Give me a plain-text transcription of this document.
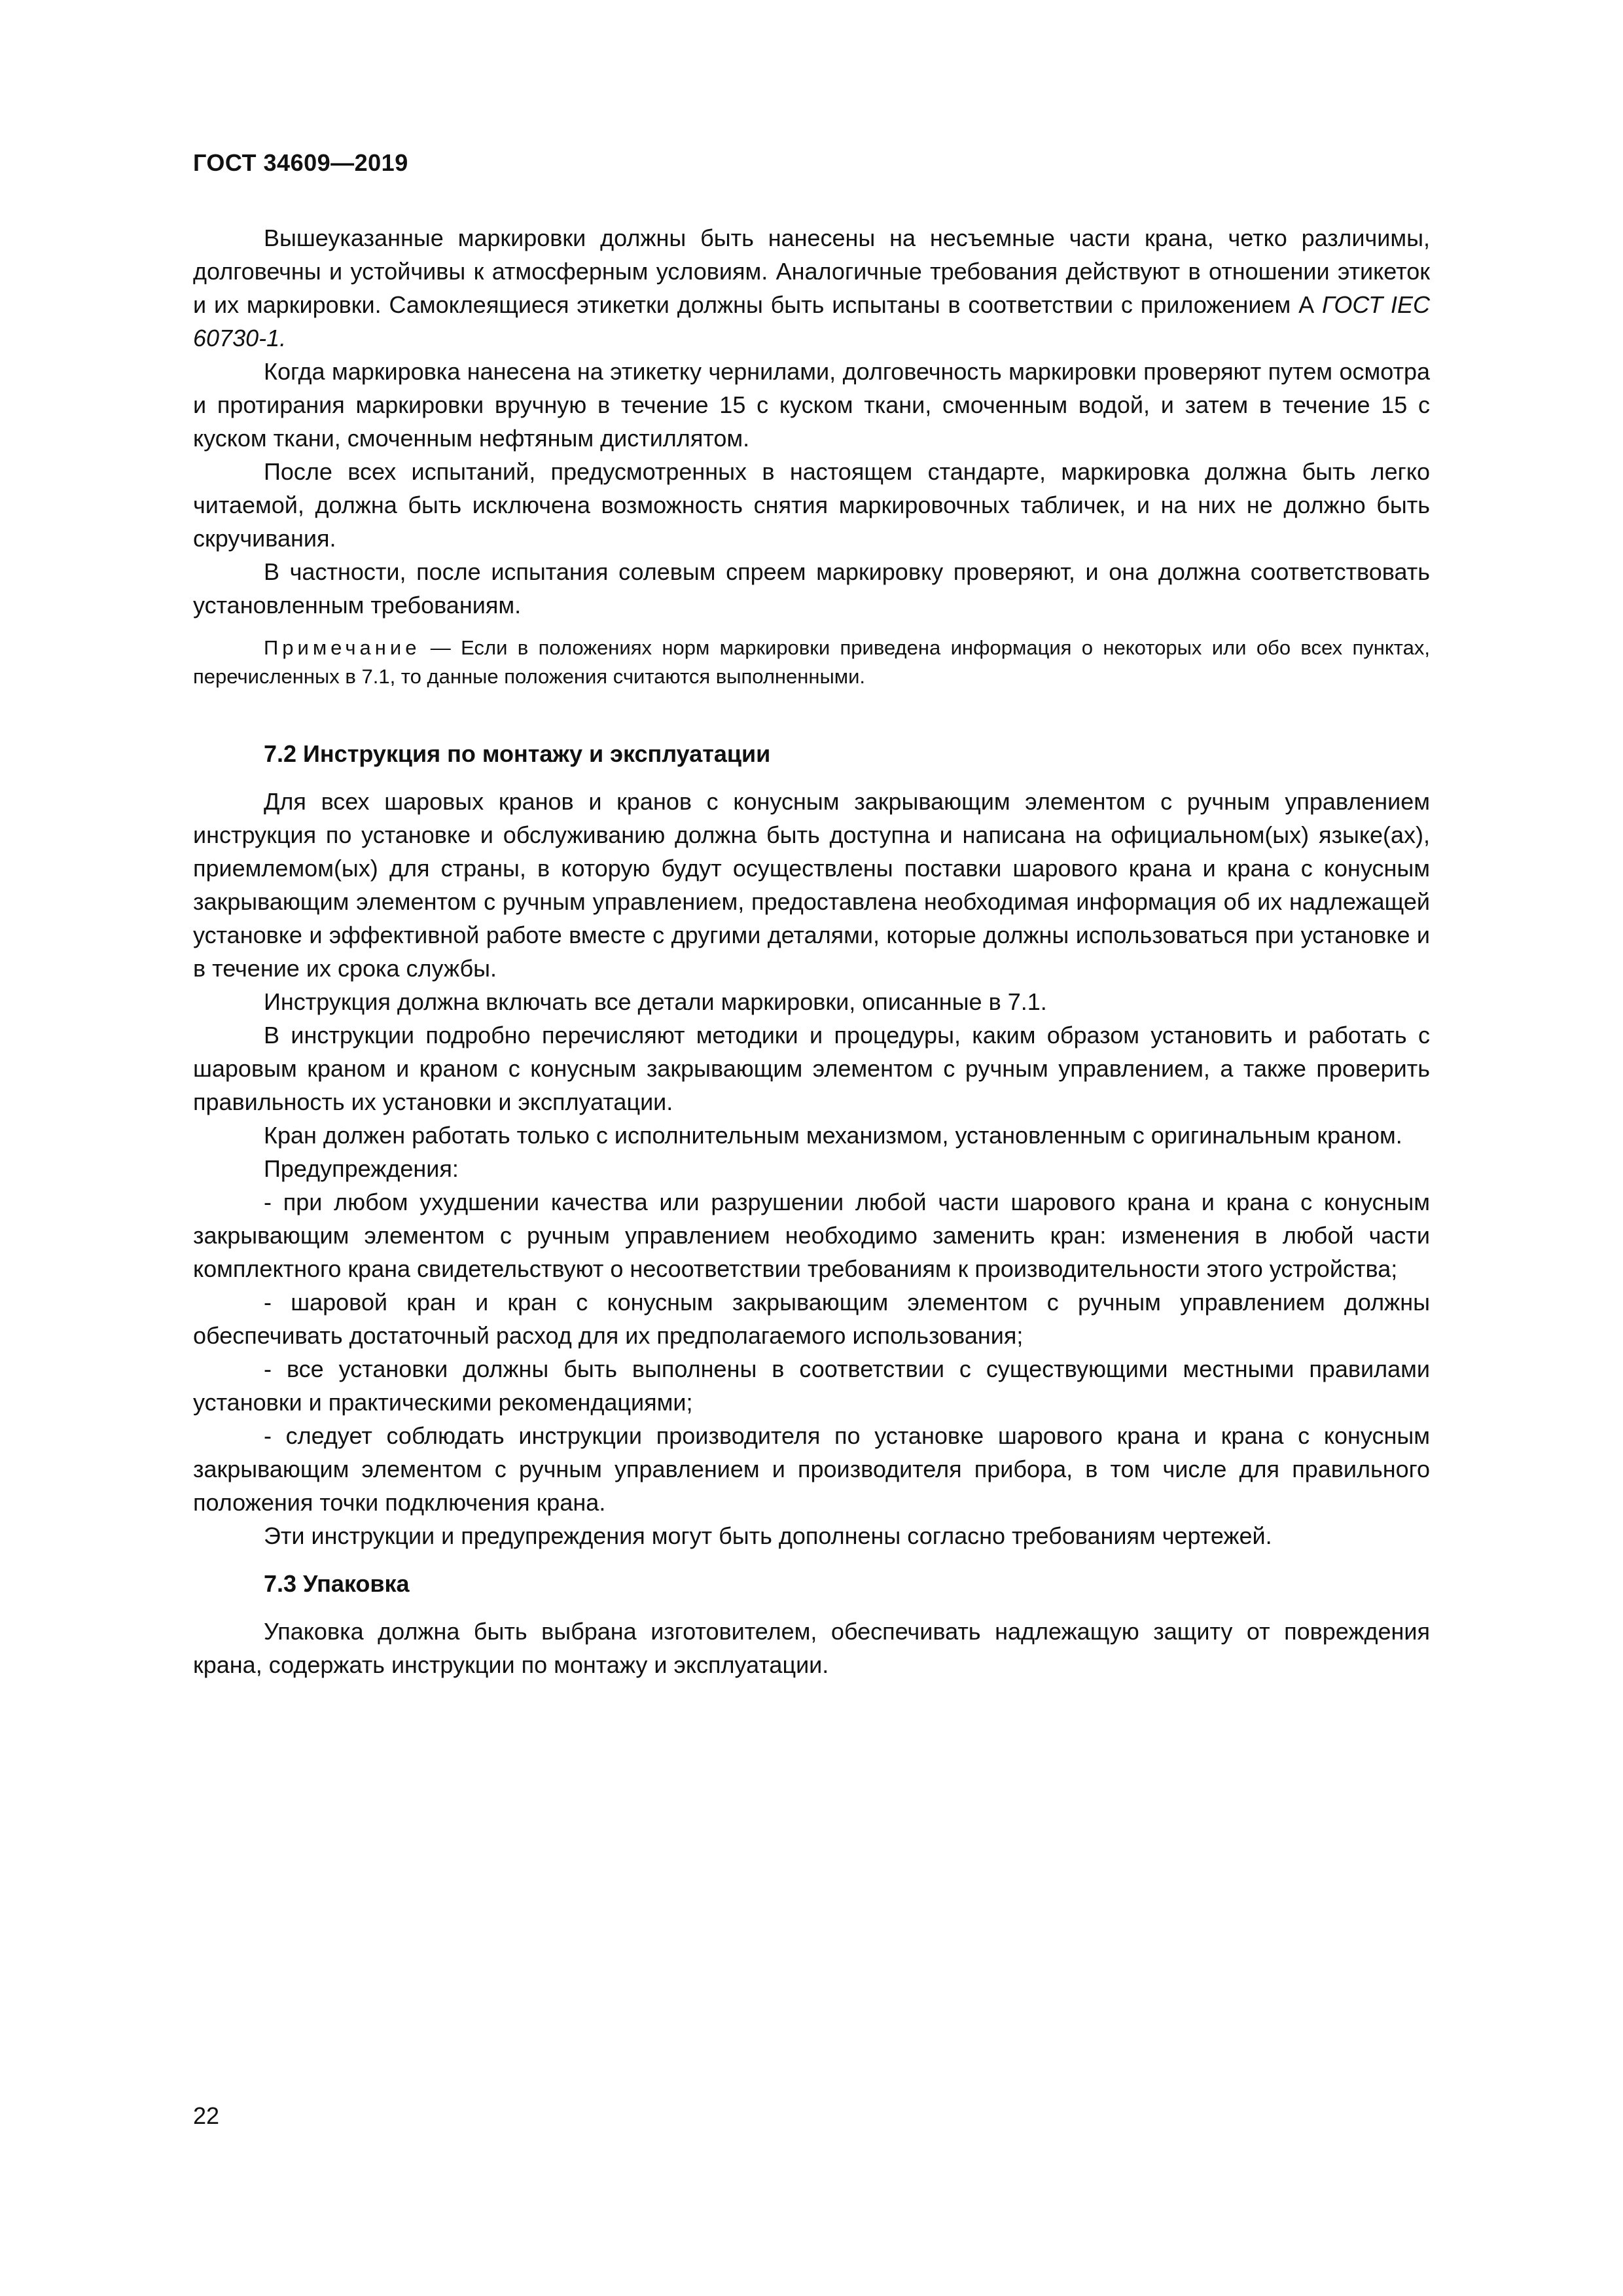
ГОСТ 34609—2019

Вышеуказанные маркировки должны быть нанесены на несъемные части крана, четко различимы, долговечны и устойчивы к атмосферным условиям. Аналогичные требования действуют в отношении этикеток и их маркировки. Самоклеящиеся этикетки должны быть испытаны в соответствии с приложением А ГОСТ IEC 60730-1.

Когда маркировка нанесена на этикетку чернилами, долговечность маркировки проверяют путем осмотра и протирания маркировки вручную в течение 15 с куском ткани, смоченным водой, и затем в течение 15 с куском ткани, смоченным нефтяным дистиллятом.

После всех испытаний, предусмотренных в настоящем стандарте, маркировка должна быть легко читаемой, должна быть исключена возможность снятия маркировочных табличек, и на них не должно быть скручивания.

В частности, после испытания солевым спреем маркировку проверяют, и она должна соответствовать установленным требованиям.

Примечание — Если в положениях норм маркировки приведена информация о некоторых или обо всех пунктах, перечисленных в 7.1, то данные положения считаются выполненными.
7.2 Инструкция по монтажу и эксплуатации

Для всех шаровых кранов и кранов с конусным закрывающим элементом с ручным управлением инструкция по установке и обслуживанию должна быть доступна и написана на официальном(ых) языке(ах), приемлемом(ых) для страны, в которую будут осуществлены поставки шарового крана и крана с конусным закрывающим элементом с ручным управлением, предоставлена необходимая информация об их надлежащей установке и эффективной работе вместе с другими деталями, которые должны использоваться при установке и в течение их срока службы.

Инструкция должна включать все детали маркировки, описанные в 7.1.

В инструкции подробно перечисляют методики и процедуры, каким образом установить и работать с шаровым краном и краном с конусным закрывающим элементом с ручным управлением, а также проверить правильность их установки и эксплуатации.

Кран должен работать только с исполнительным механизмом, установленным с оригинальным краном.

Предупреждения:

- при любом ухудшении качества или разрушении любой части шарового крана и крана с конусным закрывающим элементом с ручным управлением необходимо заменить кран: изменения в любой части комплектного крана свидетельствуют о несоответствии требованиям к производительности этого устройства;

- шаровой кран и кран с конусным закрывающим элементом с ручным управлением должны обеспечивать достаточный расход для их предполагаемого использования;

- все установки должны быть выполнены в соответствии с существующими местными правилами установки и практическими рекомендациями;

- следует соблюдать инструкции производителя по установке шарового крана и крана с конусным закрывающим элементом с ручным управлением и производителя прибора, в том числе для правильного положения точки подключения крана.

Эти инструкции и предупреждения могут быть дополнены согласно требованиям чертежей.

7.3 Упаковка

Упаковка должна быть выбрана изготовителем, обеспечивать надлежащую защиту от повреждения крана, содержать инструкции по монтажу и эксплуатации.

22
